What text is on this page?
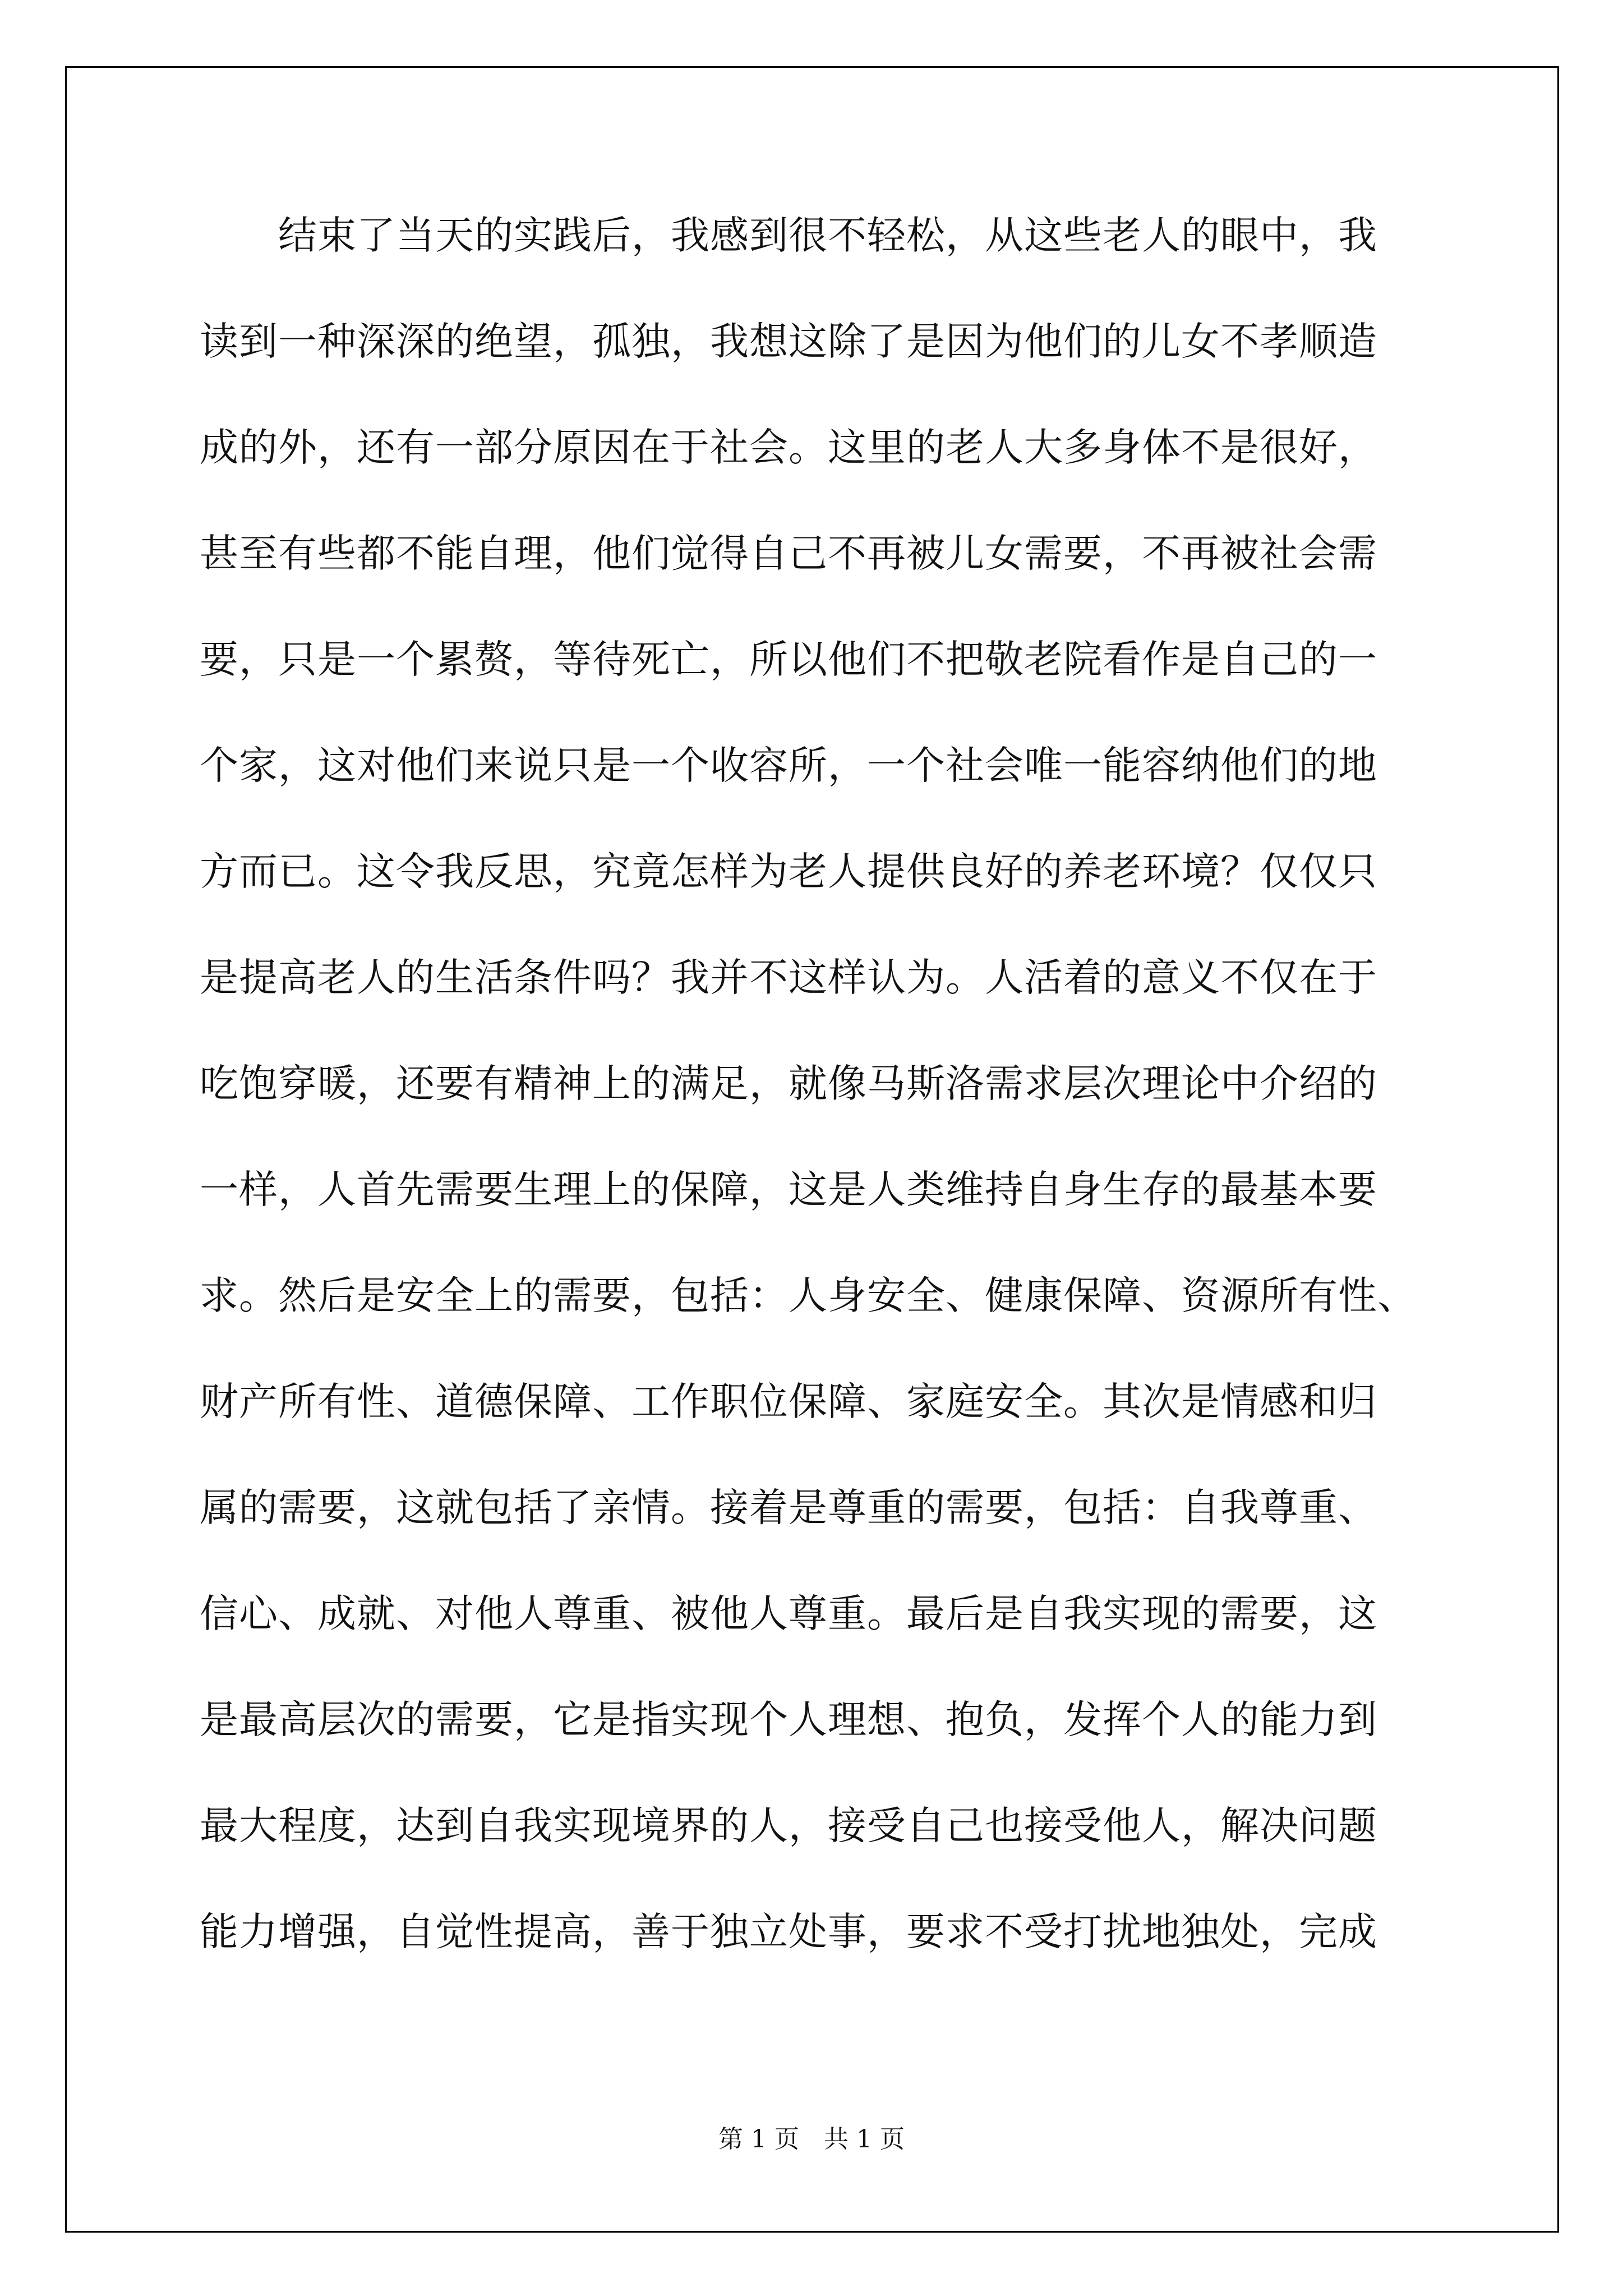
　　结束了当天的实践后，我感到很不轻松，从这些老人的眼中，我
读到一种深深的绝望，孤独，我想这除了是因为他们的儿女不孝顺造
成的外，还有一部分原因在于社会。这里的老人大多身体不是很好，
甚至有些都不能自理，他们觉得自己不再被儿女需要，不再被社会需
要，只是一个累赘，等待死亡，所以他们不把敬老院看作是自己的一
个家，这对他们来说只是一个收容所，一个社会唯一能容纳他们的地
方而已。这令我反思，究竟怎样为老人提供良好的养老环境？仅仅只
是提高老人的生活条件吗？我并不这样认为。人活着的意义不仅在于
吃饱穿暖，还要有精神上的满足，就像马斯洛需求层次理论中介绍的
一样，人首先需要生理上的保障，这是人类维持自身生存的最基本要
求。然后是安全上的需要，包括：人身安全、健康保障、资源所有性、
财产所有性、道德保障、工作职位保障、家庭安全。其次是情感和归
属的需要，这就包括了亲情。接着是尊重的需要，包括：自我尊重、
信心、成就、对他人尊重、被他人尊重。最后是自我实现的需要，这
是最高层次的需要，它是指实现个人理想、抱负，发挥个人的能力到
最大程度，达到自我实现境界的人，接受自己也接受他人，解决问题
能力增强，自觉性提高，善于独立处事，要求不受打扰地独处，完成
第 1 页 共 1 页
